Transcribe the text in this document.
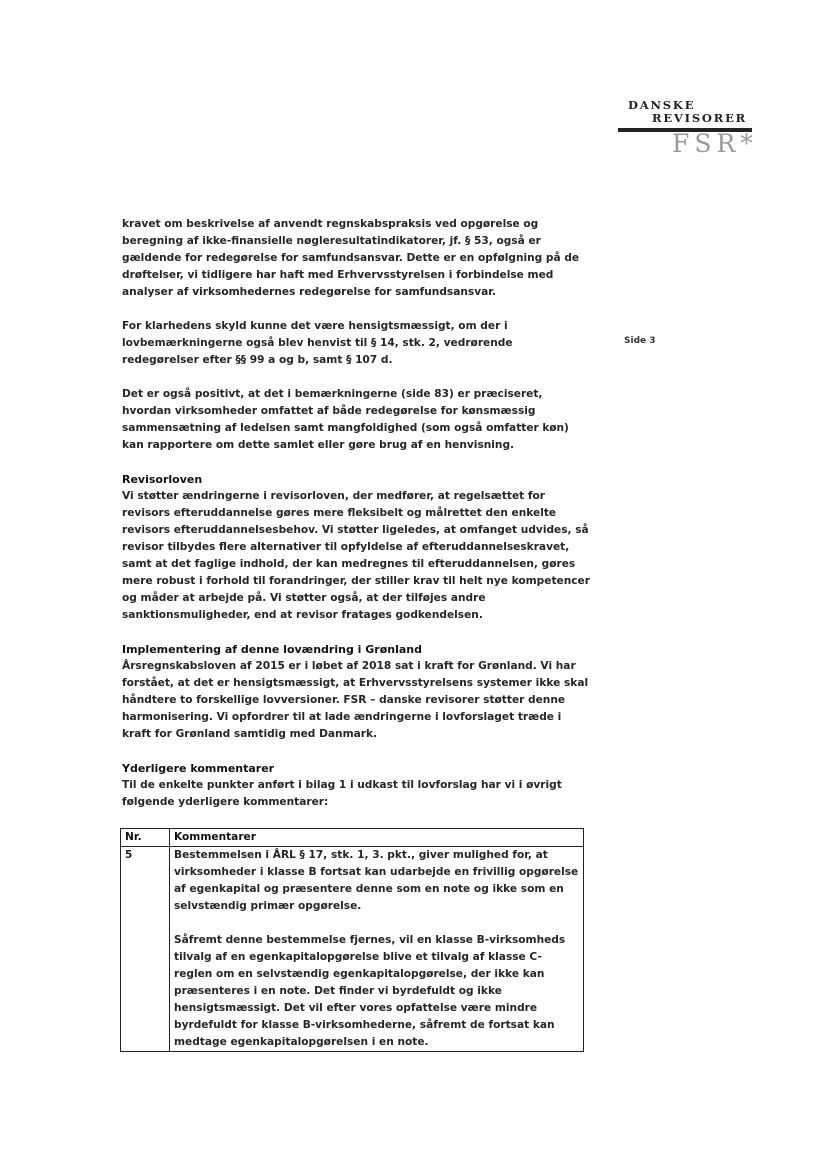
DANSKE
REVISORER
FSR*
Side 3

kravet om beskrivelse af anvendt regnskabspraksis ved opgørelse og beregning af ikke-finansielle nøgleresultatindikatorer, jf. § 53, også er gældende for redegørelse for samfundsansvar. Dette er en opfølgning på de drøftelser, vi tidligere har haft med Erhvervsstyrelsen i forbindelse med analyser af virksomhedernes redegørelse for samfundsansvar.

For klarhedens skyld kunne det være hensigtsmæssigt, om der i lovbemærkningerne også blev henvist til § 14, stk. 2, vedrørende redegørelser efter §§ 99 a og b, samt § 107 d.

Det er også positivt, at det i bemærkningerne (side 83) er præciseret, hvordan virksomheder omfattet af både redegørelse for kønsmæssig sammensætning af ledelsen samt mangfoldighed (som også omfatter køn) kan rapportere om dette samlet eller gøre brug af en henvisning.

Revisorloven
Vi støtter ændringerne i revisorloven, der medfører, at regelsættet for revisors efteruddannelse gøres mere fleksibelt og målrettet den enkelte revisors efteruddannelsesbehov. Vi støtter ligeledes, at omfanget udvides, så revisor tilbydes flere alternativer til opfyldelse af efteruddannelseskravet, samt at det faglige indhold, der kan medregnes til efteruddannelsen, gøres mere robust i forhold til forandringer, der stiller krav til helt nye kompetencer og måder at arbejde på. Vi støtter også, at der tilføjes andre sanktionsmuligheder, end at revisor fratages godkendelsen.
Implementering af denne lovændring i Grønland
Årsregnskabsloven af 2015 er i løbet af 2018 sat i kraft for Grønland. Vi har forstået, at det er hensigtsmæssigt, at Erhvervsstyrelsens systemer ikke skal håndtere to forskellige lovversioner. FSR – danske revisorer støtter denne harmonisering. Vi opfordrer til at lade ændringerne i lovforslaget træde i kraft for Grønland samtidig med Danmark.
Yderligere kommentarer
Til de enkelte punkter anført i bilag 1 i udkast til lovforslag har vi i øvrigt følgende yderligere kommentarer:
Nr.	Kommentarer
5	Bestemmelsen i ÅRL § 17, stk. 1, 3. pkt., giver mulighed for, at virksomheder i klasse B fortsat kan udarbejde en frivillig opgørelse af egenkapital og præsentere denne som en note og ikke som en selvstændig primær opgørelse.

Såfremt denne bestemmelse fjernes, vil en klasse B-virksomheds tilvalg af en egenkapitalopgørelse blive et tilvalg af klasse C-reglen om en selvstændig egenkapitalopgørelse, der ikke kan præsenteres i en note. Det finder vi byrdefuldt og ikke hensigtsmæssigt. Det vil efter vores opfattelse være mindre byrdefuldt for klasse B-virksomhederne, såfremt de fortsat kan medtage egenkapitalopgørelsen i en note.
